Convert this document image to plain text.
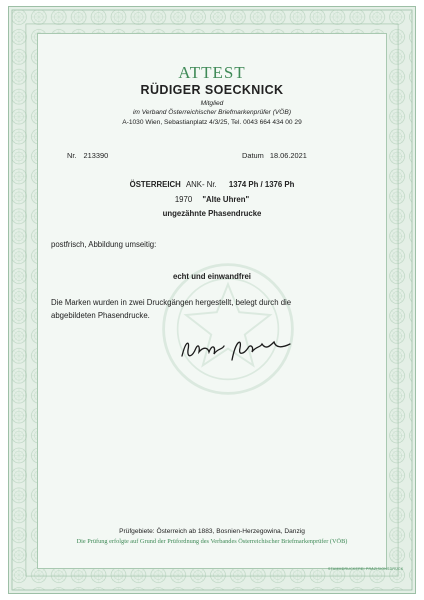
ATTEST
RÜDIGER SOECKNICK
Mitglied
im Verband Österreichischer Briefmarkenprüfer (VÖB)
A-1030 Wien, Sebastianplatz 4/3/25, Tel. 0043 664 434 00 29
Nr. 213390	Datum 18.06.2021
ÖSTERREICH ANK- Nr. 1374 Ph / 1376 Ph
1970 "Alte Uhren"
ungezähnte Phasendrucke
postfrisch, Abbildung umseitig:
echt und einwandfrei
Die Marken wurden in zwei Druckgängen hergestellt, belegt durch die
abgebildeten Phasendrucke.
Prüfgebiete: Österreich ab 1883, Bosnien-Herzegowina, Danzig
Die Prüfung erfolgte auf Grund der Prüfordnung des Verbandes Österreichischer Briefmarkenprüfer (VÖB)
STAMMDRUCKEREI PRÄZISIONSDRUCK
